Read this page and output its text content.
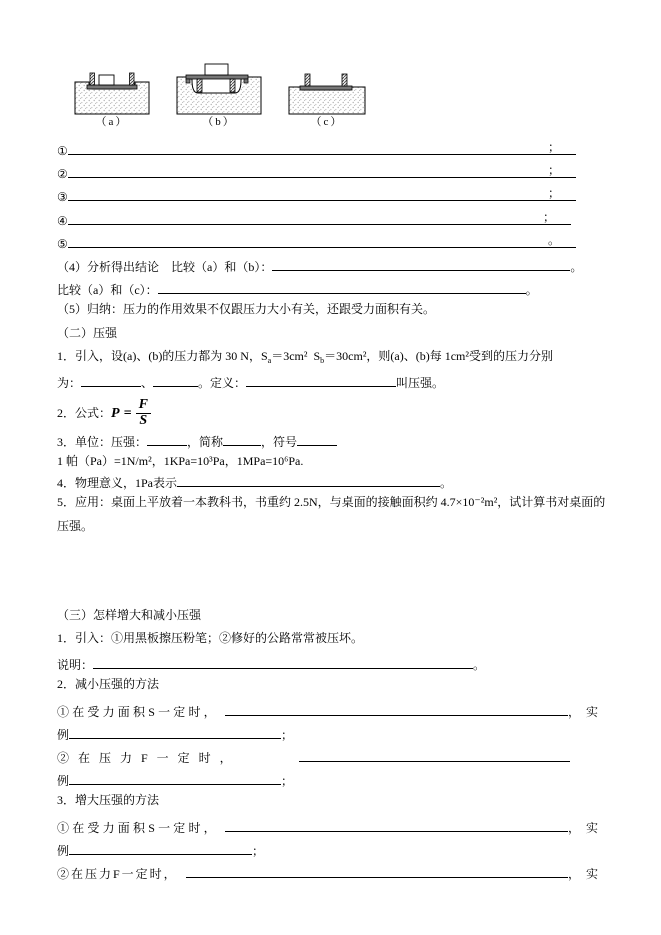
（a）	（b）	（c）
①	；
②	；
③	；
④	；
⑤	。
（4）分析得出结论　比较（a）和（b）：	。
比较（a）和（c）：	。
（5）归纳：压力的作用效果不仅跟压力大小有关，还跟受力面积有关。
（二）压强
1．引入，设(a)、(b)的压力都为 30 N，S a ＝3cm²  S b ＝30cm²，则(a)、(b)每 1cm²受到的压力分别
为：	、	。定义：	叫压强。
2．公式： $P = \frac{F}{S}$
3．单位：压强：	，简称	，符号
1 帕（Pa）=1N/m²，1KPa=10³Pa，1MPa=10⁶Pa.
4．物理意义，1Pa表示	。
5．应用：桌面上平放着一本教科书，书重约 2.5N，与桌面的接触面积约 4.7×10⁻²m²，试计算书对桌面的
压强。
（三）怎样增大和减小压强
1．引入：①用黑板擦压粉笔；②修好的公路常常被压坏。
说明：	。
2．减小压强的方法
①在受力面积S一定时，	，实
例	；
②在压力F一定时，
例	；
3．增大压强的方法
①在受力面积S一定时，	，实
例	；
②在压力F一定时，	，实
